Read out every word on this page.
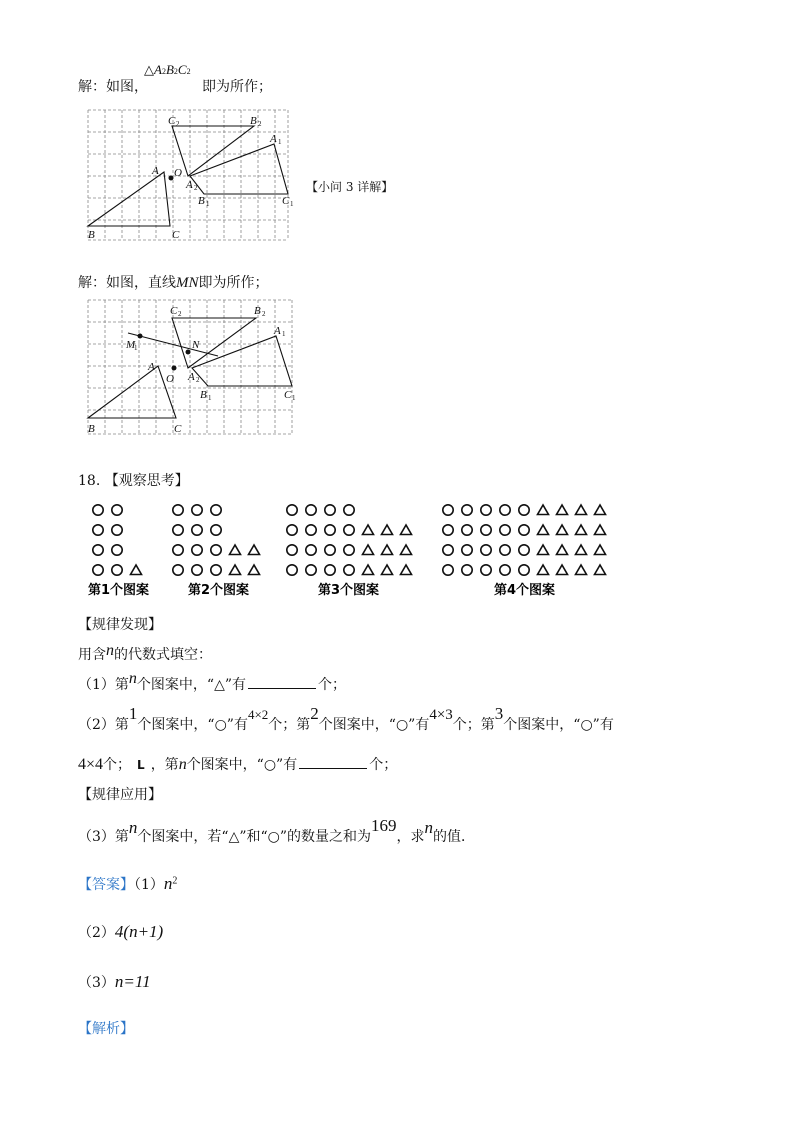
解：如图，
△A2B2C2
即为所作；
B	C
A O
C	B
A
A
B	C
2	2
1
2
1	1
【小问 3 详解】
解：如图，直线MN即为所作；
B	C
A
O
M	N
C	B
A
A
B	C
1
2	2
1
2
1	1
18. 【观察思考】
第1个图案	第2个图案	第3个图案	第4个图案
【规律发现】
用含n的代数式填空：
（1）第n个图案中，“△”有	个；
（2）第1个图案中，“○”有4×2个；第2个图案中，“○”有4×3个；第3个图案中，“○”有
4×4个； L ，第n个图案中，“○”有	个；
【规律应用】
（3）第n个图案中，若“△”和“○”的数量之和为169，求n的值．
【答案】$(1)n^2$
（2）4(n+1)
（3）n=11
【解析】
